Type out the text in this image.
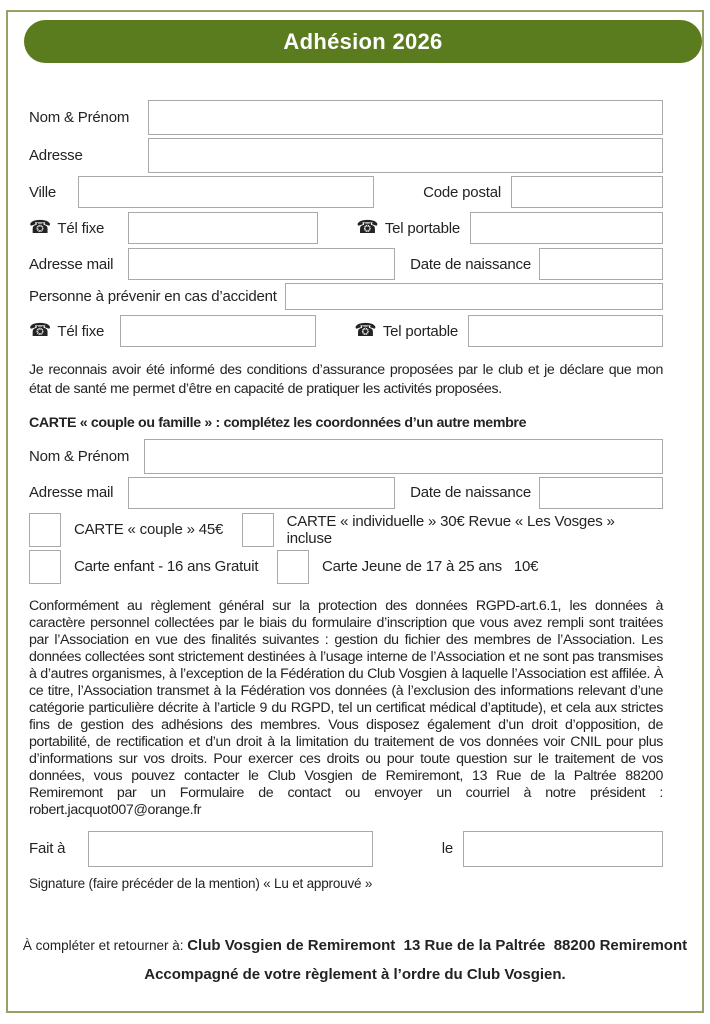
Adhésion 2026
Nom & Prénom
Adresse
Ville	Code postal
☎ Tél fixe	☎ Tel portable
Adresse mail	Date de naissance
Personne à prévenir en cas d’accident
☎ Tél fixe	☎ Tel portable

Je reconnais avoir été informé des conditions d’assurance proposées par le club et je déclare que mon état de santé me permet d’être en capacité de pratiquer les activités proposées.

CARTE « couple ou famille » : complétez les coordonnées d’un autre membre

Nom & Prénom
Adresse mail	Date de naissance
CARTE « couple » 45€	CARTE « individuelle » 30€ Revue « Les Vosges » incluse
Carte enfant - 16 ans Gratuit	Carte Jeune de 17 à 25 ans   10€

Conformément au règlement général sur la protection des données RGPD-art.6.1, les données à caractère personnel collectées par le biais du formulaire d’inscription que vous avez rempli sont traitées par l’Association en vue des finalités suivantes : gestion du fichier des membres de l’Association. Les données collectées sont strictement destinées à l’usage interne de l’Association et ne sont pas transmises à d’autres organismes, à l’exception de la Fédération du Club Vosgien à laquelle l’Association est affilée. À ce titre, l’Association transmet à la Fédération vos données (à l’exclusion des informations relevant d’une catégorie particulière décrite à l’article 9 du RGPD, tel un certificat médical d’aptitude), et cela aux strictes fins de gestion des adhésions des membres. Vous disposez également d’un droit d’opposition, de portabilité, de rectification et d’un droit à la limitation du traitement de vos données voir CNIL pour plus d’informations sur vos droits. Pour exercer ces droits ou pour toute question sur le traitement de vos données, vous pouvez contacter le Club Vosgien de Remiremont, 13 Rue de la Paltrée 88200 Remiremont par un Formulaire de contact ou envoyer un courriel à notre président : robert.jacquot007@orange.fr

Fait à	le
Signature (faire précéder de la mention) « Lu et approuvé »
À compléter et retourner à: Club Vosgien de Remiremont  13 Rue de la Paltrée  88200 Remiremont
Accompagné de votre règlement à l’ordre du Club Vosgien.
